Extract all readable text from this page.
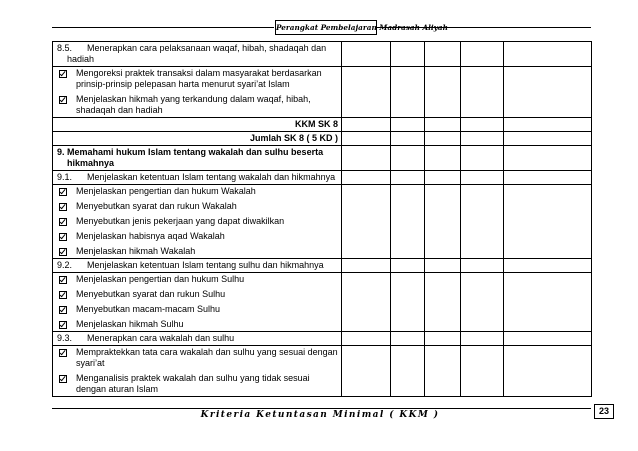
Perangkat Pembelajaran Madrasah Aliyah
8.5. Menerapkan cara pelaksanaan waqaf, hibah, shadaqah dan
hadiah					

Mengoreksi praktek transaksi dalam masyarakat berdasarkan prinsip-prinsip pelepasan harta menurut syari’at Islam
Menjelaskan hikmah yang terkandung dalam waqaf, hibah, shadaqah dan hadiah					

KKM SK 8					
Jumlah SK 8 ( 5 KD )					
9. Memahami hukum Islam tentang wakalah dan sulhu beserta
hikmahnya					

9.1. Menjelaskan ketentuan Islam tentang wakalah dan hikmahnya					

Menjelaskan pengertian dan hukum Wakalah
Menyebutkan syarat dan rukun Wakalah
Menyebutkan jenis pekerjaan yang dapat diwakilkan
Menjelaskan habisnya aqad Wakalah
Menjelaskan hikmah Wakalah					

9.2. Menjelaskan ketentuan Islam tentang sulhu dan hikmahnya					

Menjelaskan pengertian dan hukum Sulhu
Menyebutkan syarat dan rukun Sulhu
Menyebutkan macam-macam Sulhu
Menjelaskan hikmah Sulhu					

9.3. Menerapkan cara wakalah dan sulhu					

Mempraktekkan tata cara wakalah dan sulhu yang sesuai dengan syari’at
Menganalisis praktek wakalah dan sulhu yang tidak sesuai dengan aturan Islam					

Kriteria Ketuntasan Minimal ( KKM )	23
